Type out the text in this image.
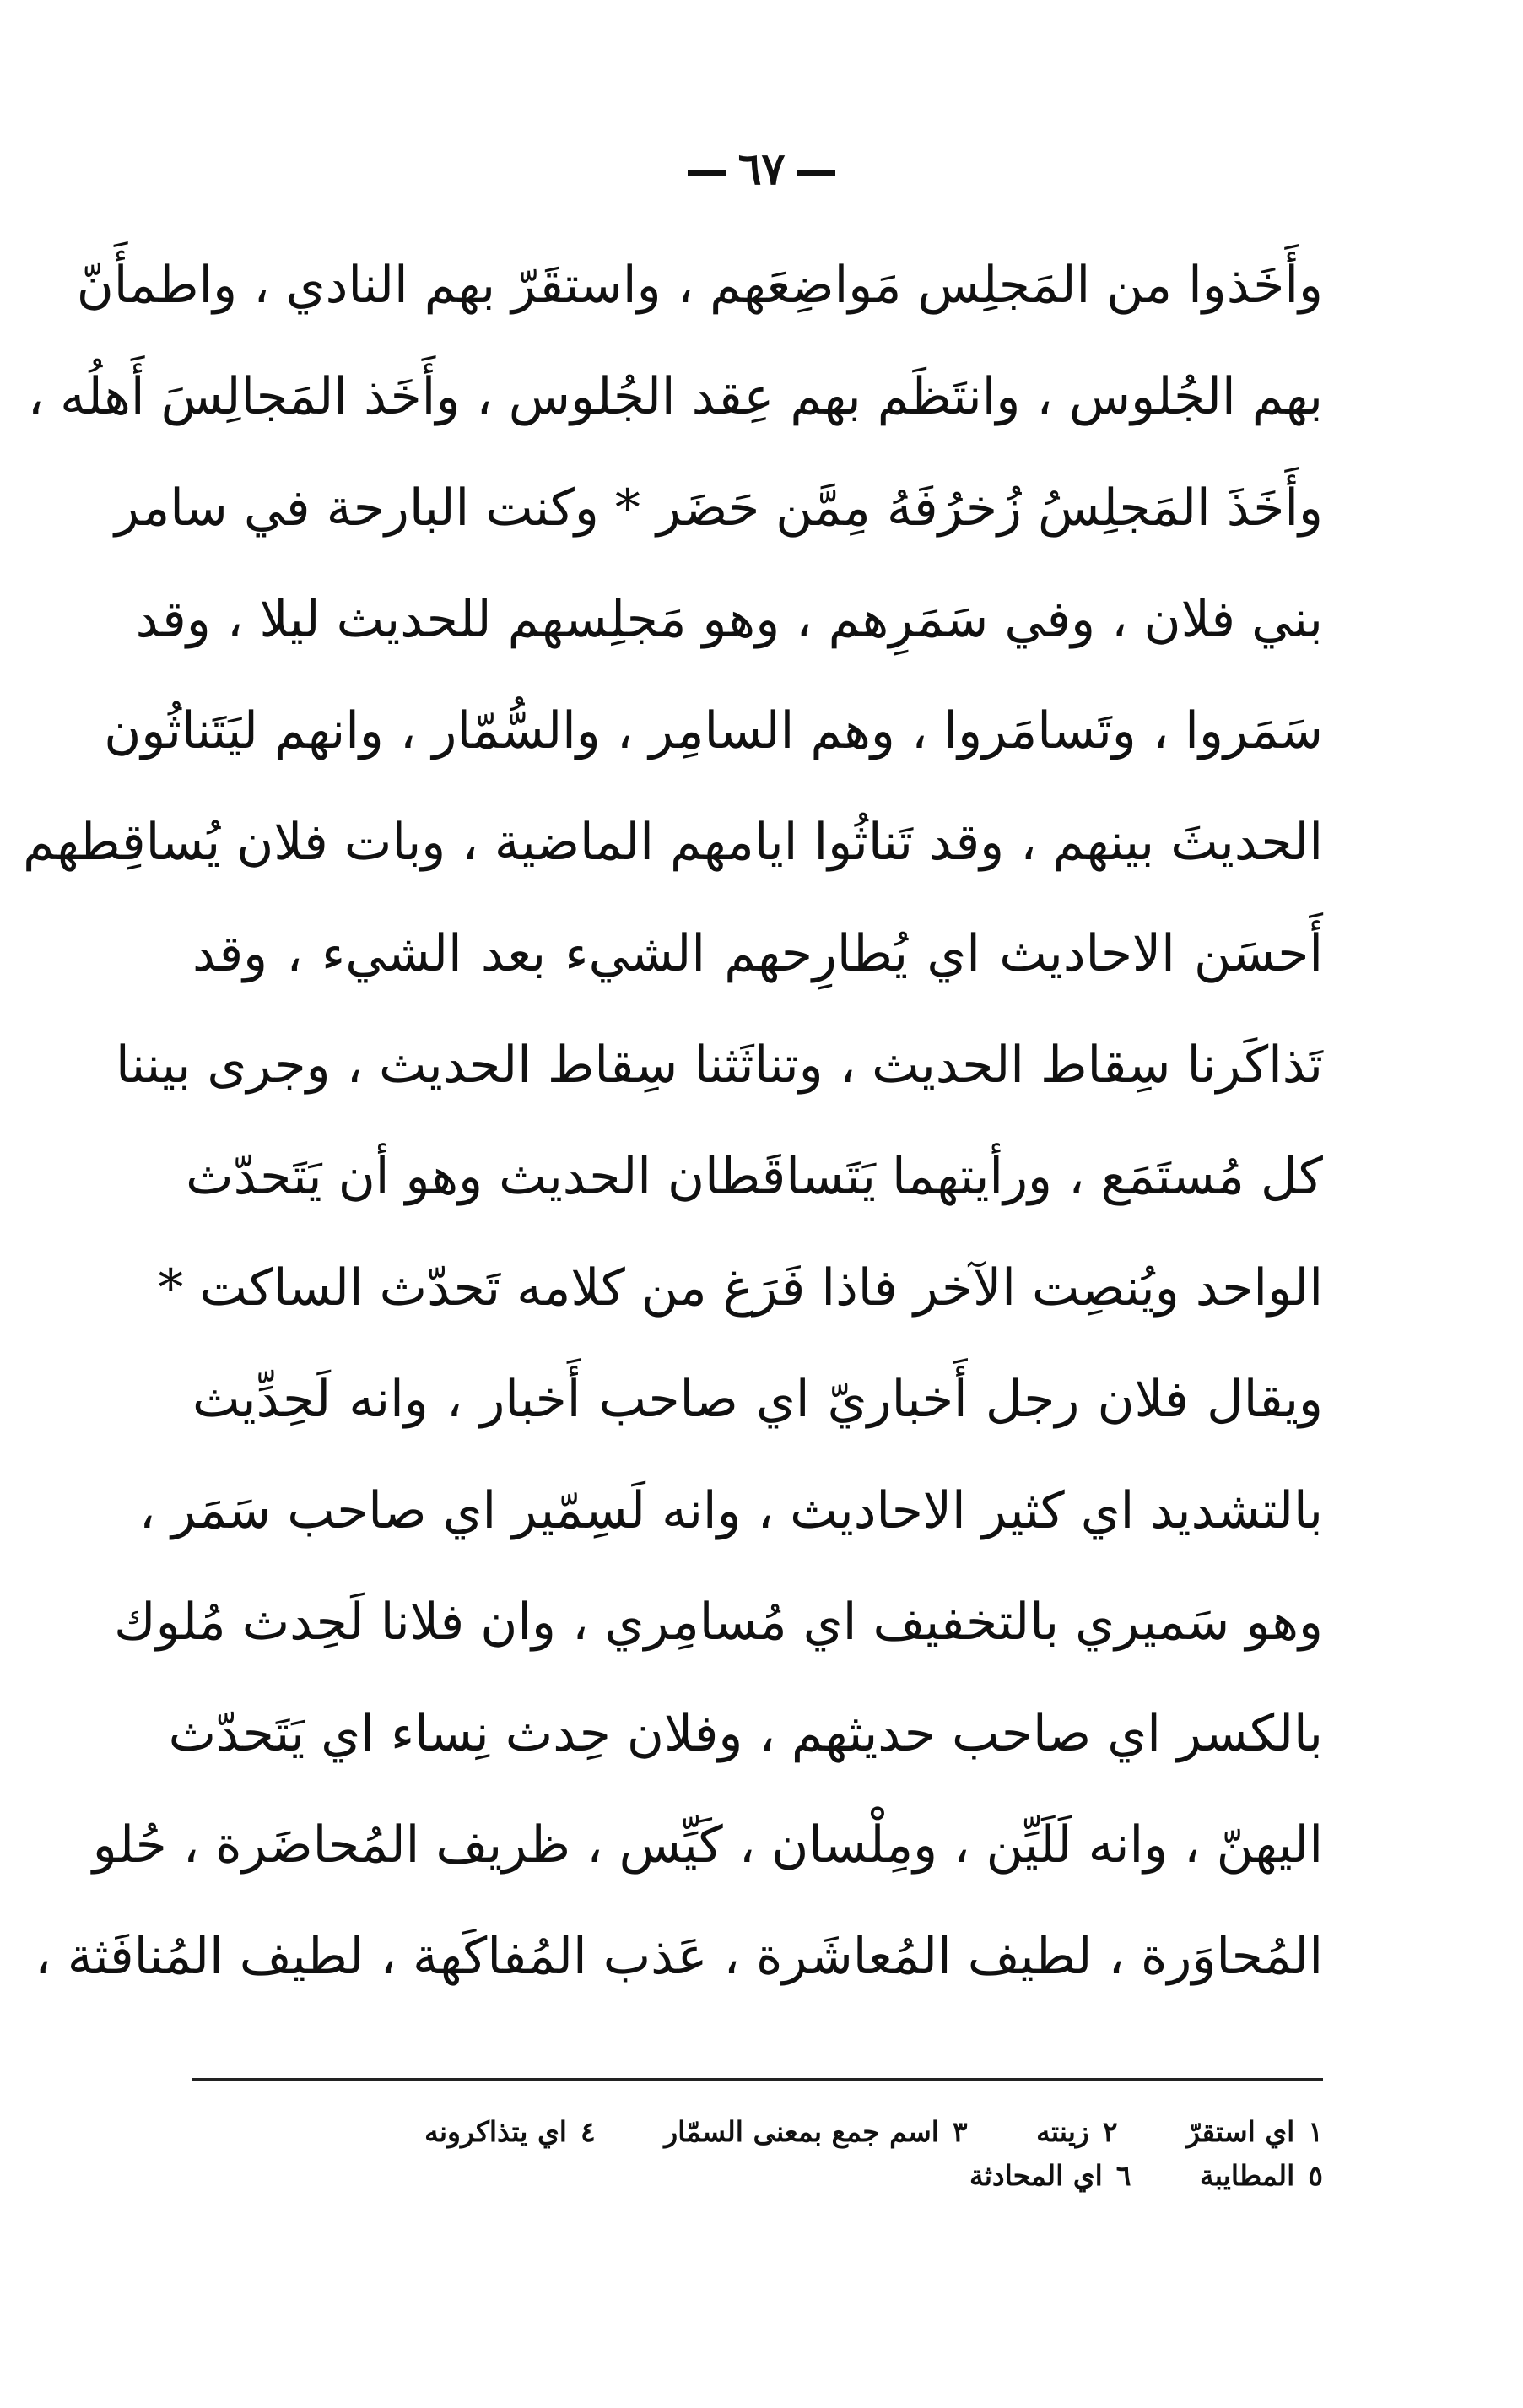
٦٧
وأَخَذوا من المَجلِس مَواضِعَهم ، واستقَرّ بهم النادي ، واطمأَنّ
بهم الجُلوس ، وانتَظَم بهم عِقد الجُلوس ، وأَخَذ المَجالِسَ أَهلُه ،
وأَخَذَ المَجلِسُ زُخرُفَهُ مِمَّن حَضَر * وكنت البارحة في سامر
بني فلان ، وفي سَمَرِهم ، وهو مَجلِسهم للحديث ليلا ، وقد
سَمَروا ، وتَسامَروا ، وهم السامِر ، والسُّمّار ، وانهم ليَتَناثُون
الحديثَ بينهم ، وقد تَناثُوا ايامهم الماضية ، وبات فلان يُساقِطهم
أَحسَن الاحاديث اي يُطارِحهم الشيء بعد الشيء ، وقد
تَذاكَرنا سِقاط الحديث ، وتناثَثنا سِقاط الحديث ، وجرى بيننا
كل مُستَمَع ، ورأيتهما يَتَساقَطان الحديث وهو أن يَتَحدّث
الواحد ويُنصِت الآخر فاذا فَرَغ من كلامه تَحدّث الساكت *
ويقال فلان رجل أَخباريّ اي صاحب أَخبار ، وانه لَحِدِّيث
بالتشديد اي كثير الاحاديث ، وانه لَسِمّير اي صاحب سَمَر ،
وهو سَميري بالتخفيف اي مُسامِري ، وان فلانا لَحِدث مُلوك
بالكسر اي صاحب حديثهم ، وفلان حِدث نِساء اي يَتَحدّث
اليهنّ ، وانه لَلَيِّن ، ومِلْسان ، كَيِّس ، ظريف المُحاضَرة ، حُلو
المُحاوَرة ، لطيف المُعاشَرة ، عَذب المُفاكَهة ، لطيف المُنافَثة ،
١اي استقرّ ٢زينته ٣اسم جمع بمعنى السمّار ٤اي يتذاكرونه
٥المطايبة ٦اي المحادثة
